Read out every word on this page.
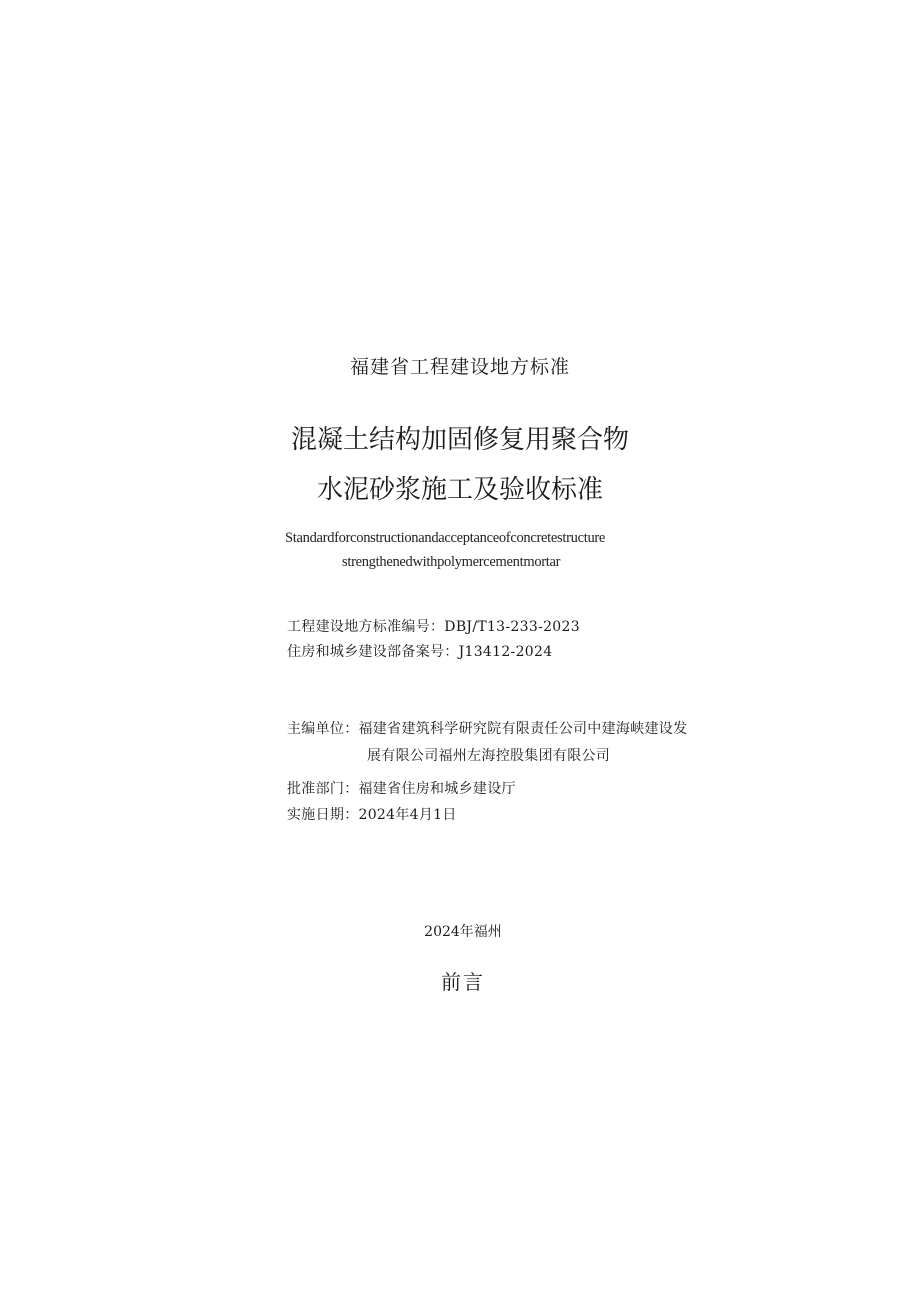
福建省工程建设地方标准
混凝土结构加固修复用聚合物
水泥砂浆施工及验收标准
Standardforconstructionandacceptanceofconcretestructure
strengthenedwithpolymercementmortar
工程建设地方标准编号：DBJ/T13-233-2023
住房和城乡建设部备案号：J13412-2024
主编单位：福建省建筑科学研究院有限责任公司中建海峡建设发
展有限公司福州左海控股集团有限公司
批准部门：福建省住房和城乡建设厅
实施日期：2024年4月1日
2024年福州
前言
